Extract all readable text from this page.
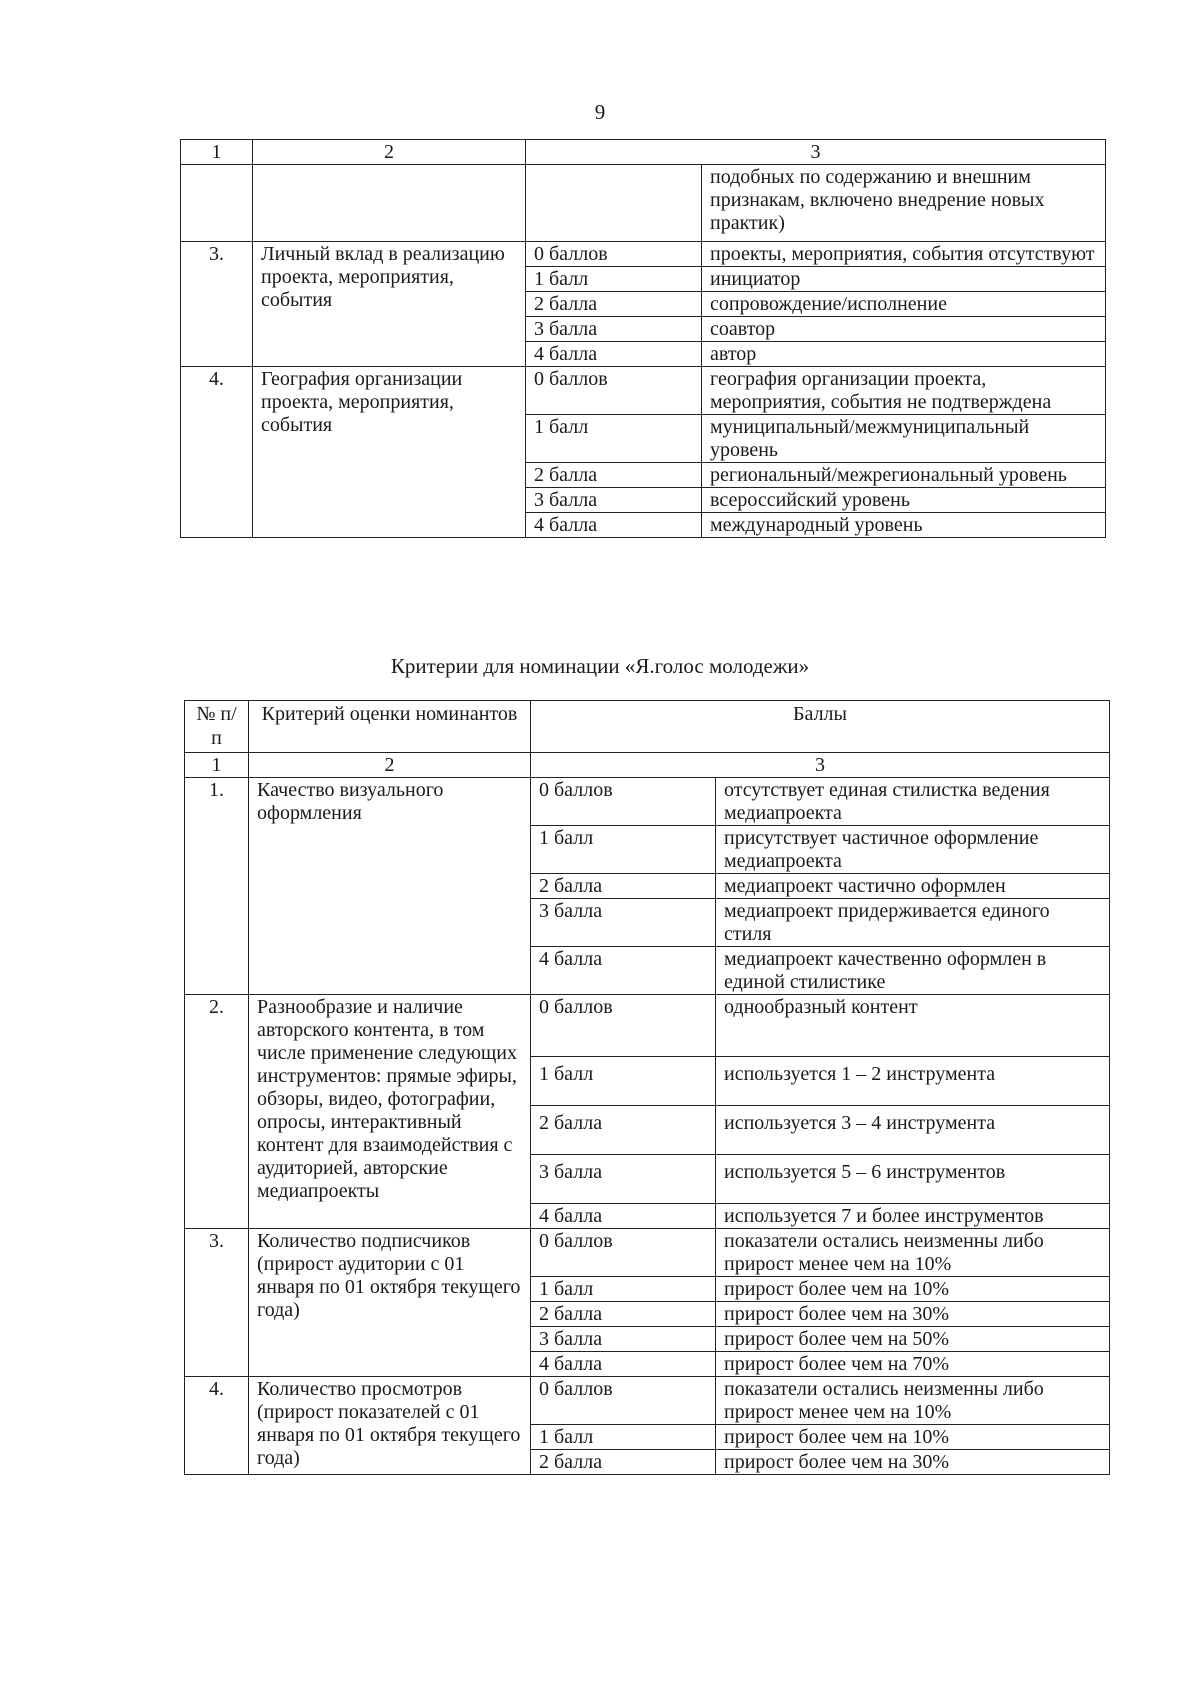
9
1	2	3	
			подобных по содержанию и внешним признакам, включено внедрение новых практик)
3.	Личный вклад в реализацию проекта, мероприятия, события	0 баллов	проекты, мероприятия, события отсутствуют
		1 балл	инициатор
		2 балла	сопровождение/исполнение
		3 балла	соавтор
		4 балла	автор
4.	География организации проекта, мероприятия, события	0 баллов	география организации проекта, мероприятия, события не подтверждена
		1 балл	муниципальный/межмуниципальный уровень
		2 балла	региональный/межрегиональный уровень
		3 балла	всероссийский уровень
		4 балла	международный уровень
Критерии для номинации «Я.голос молодежи»
№ п/п	Критерий оценки номинантов	Баллы	
1	2	3	
1.	Качество визуального оформления	0 баллов	отсутствует единая стилистка ведения медиапроекта
		1 балл	присутствует частичное оформление медиапроекта
		2 балла	медиапроект частично оформлен
		3 балла	медиапроект придерживается единого стиля
		4 балла	медиапроект качественно оформлен в единой стилистике
2.	Разнообразие и наличие авторского контента, в том числе применение следующих инструментов: прямые эфиры, обзоры, видео, фотографии, опросы, интерактивный контент для взаимодействия с аудиторией, авторские медиапроекты	0 баллов	однообразный контент
		1 балл	используется 1 – 2 инструмента
		2 балла	используется 3 – 4 инструмента
		3 балла	используется 5 – 6 инструментов
		4 балла	используется 7 и более инструментов
3.	Количество подписчиков (прирост аудитории с 01 января по 01 октября текущего года)	0 баллов	показатели остались неизменны либо прирост менее чем на 10%
		1 балл	прирост более чем на 10%
		2 балла	прирост более чем на 30%
		3 балла	прирост более чем на 50%
		4 балла	прирост более чем на 70%
4.	Количество просмотров (прирост показателей с 01 января по 01 октября текущего года)	0 баллов	показатели остались неизменны либо прирост менее чем на 10%
		1 балл	прирост более чем на 10%
		2 балла	прирост более чем на 30%
